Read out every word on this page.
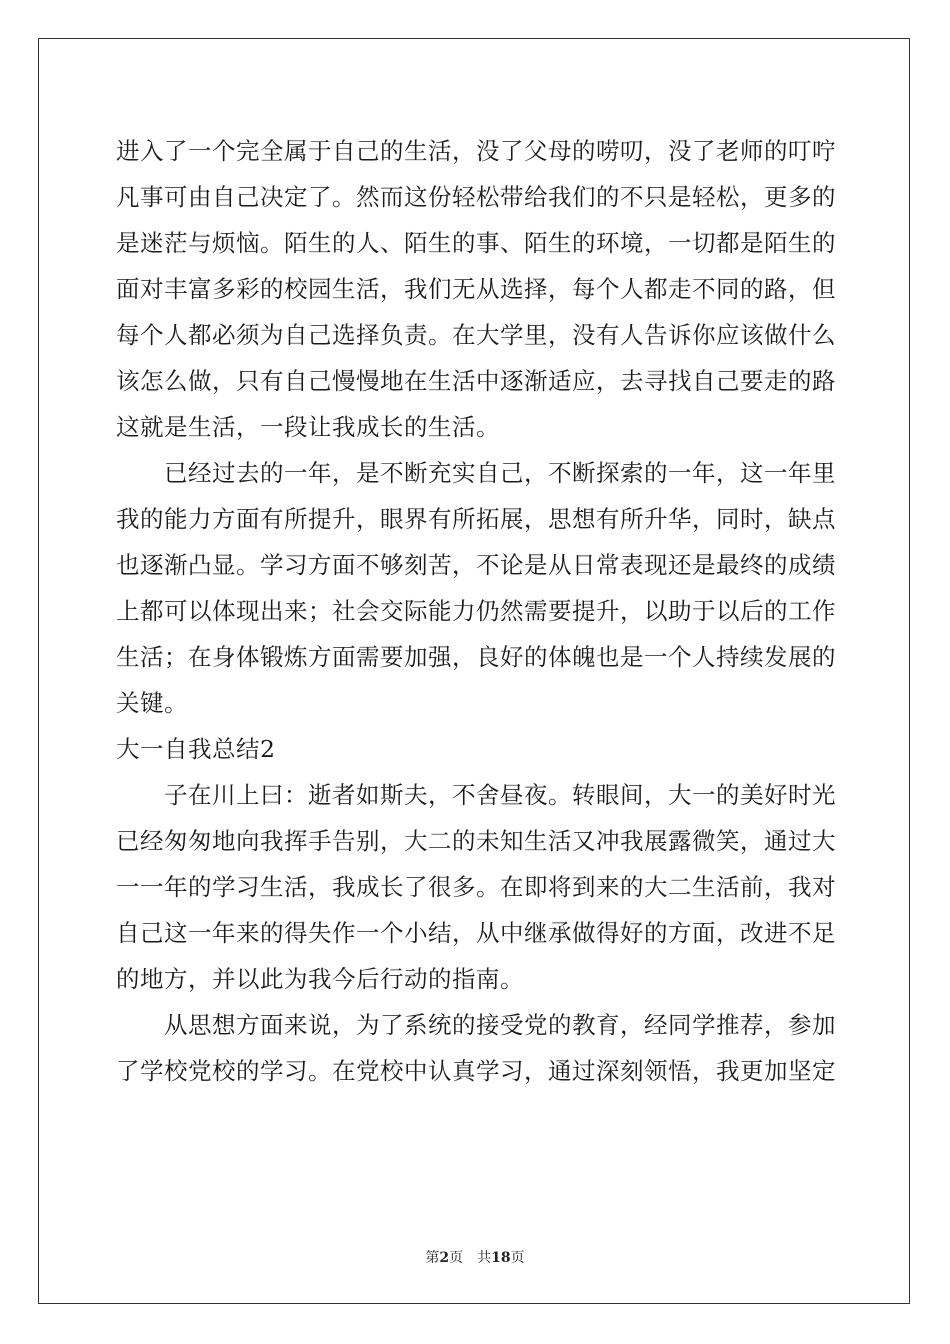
进入了一个完全属于自己的生活，没了父母的唠叨，没了老师的叮咛
凡事可由自己决定了。然而这份轻松带给我们的不只是轻松，更多的
是迷茫与烦恼。陌生的人、陌生的事、陌生的环境，一切都是陌生的
面对丰富多彩的校园生活，我们无从选择，每个人都走不同的路，但
每个人都必须为自己选择负责。在大学里，没有人告诉你应该做什么
该怎么做，只有自己慢慢地在生活中逐渐适应，去寻找自己要走的路
这就是生活，一段让我成长的生活。
已经过去的一年，是不断充实自己，不断探索的一年，这一年里
我的能力方面有所提升，眼界有所拓展，思想有所升华，同时，缺点
也逐渐凸显。学习方面不够刻苦，不论是从日常表现还是最终的成绩
上都可以体现出来；社会交际能力仍然需要提升，以助于以后的工作
生活；在身体锻炼方面需要加强，良好的体魄也是一个人持续发展的
关键。
大一自我总结2
子在川上曰：逝者如斯夫，不舍昼夜。转眼间，大一的美好时光
已经匆匆地向我挥手告别，大二的未知生活又冲我展露微笑，通过大
一一年的学习生活，我成长了很多。在即将到来的大二生活前，我对
自己这一年来的得失作一个小结，从中继承做得好的方面，改进不足
的地方，并以此为我今后行动的指南。
从思想方面来说，为了系统的接受党的教育，经同学推荐，参加
了学校党校的学习。在党校中认真学习，通过深刻领悟，我更加坚定
第2页 共18页
